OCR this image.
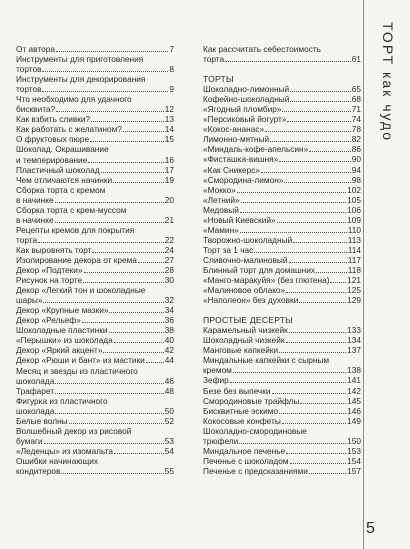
От автора	7
Инструменты для приготовления
тортов	8
Инструменты для декорирования
тортов	9
Что необходимо для удачного
бисквита?	12
Как взбить сливки?	13
Как работать с желатином?	14
О фруктовых пюре	15
Шоколад. Окрашивание
и темперирование	16
Пластичный шоколад	17
Чем отличаются начинки	19
Сборка торта с кремом
в начинке	20
Сборка торта с крем-муссом
в начинке	21
Рецепты кремов для покрытия
торта	22
Как выровнять торт	24
Изолирование декора от крема	27
Декор «Подтеки»	28
Рисунок на торте	30
Декор «Легкий тон и шоколадные
шары»	32
Декор «Крупные мазки»	34
Декор «Рельеф»	36
Шоколадные пластинки	38
«Перышки» из шоколада	40
Декор «Яркий акцент»	42
Декор «Рюши и бант» из мастики 44
Месяц и звезды из пластичного
шоколада	46
Трафарет	48
Фигурка из пластичного
шоколада	50
Белые волны	52
Волшебный декор из рисовой
бумаги	53
«Леденцы» из изомальта	54
Ошибки начинающих
кондитеров	55
Как рассчитать себестоимость
торта	61
ТОРТЫ
Шоколадно-лимонный	65
Кофейно-шоколадный	68
«Ягодный пломбир»	71
«Персиковый йогурт»	74
«Кокос-ананас»	78
Лимонно-мятный	82
«Миндаль-кофе-апельсин»	86
«Фисташка-вишня»	90
«Как Сникерс»	94
«Смородина-лимон»	98
«Мокко»	102
«Летний»	105
Медовый	106
«Новый Киевский»	109
«Мамин»	110
Творожно-шоколадный	113
Торт за 1 час	114
Сливочно-малиновый	117
Блинный торт для домашних	118
«Манго-маракуйя» (без глютена) 121
«Малиновое облако»	125
«Наполеон» без духовки	129
ПРОСТЫЕ ДЕСЕРТЫ
Карамельный чизкейк	133
Шоколадный чизкейк	134
Манговые капкейки	137
Миндальные капкейки с сырным
кремом	138
Зефир	141
Безе без выпечки	142
Смородиновые трайфлы	145
Бисквитные эскимо	146
Кокосовые конфеты	149
Шоколадно-смородиновые
трюфели	150
Миндальное печенье	153
Печенье с шоколадом	154
Печенье с предсказаниями	157
ТОРТ как чудо
5
